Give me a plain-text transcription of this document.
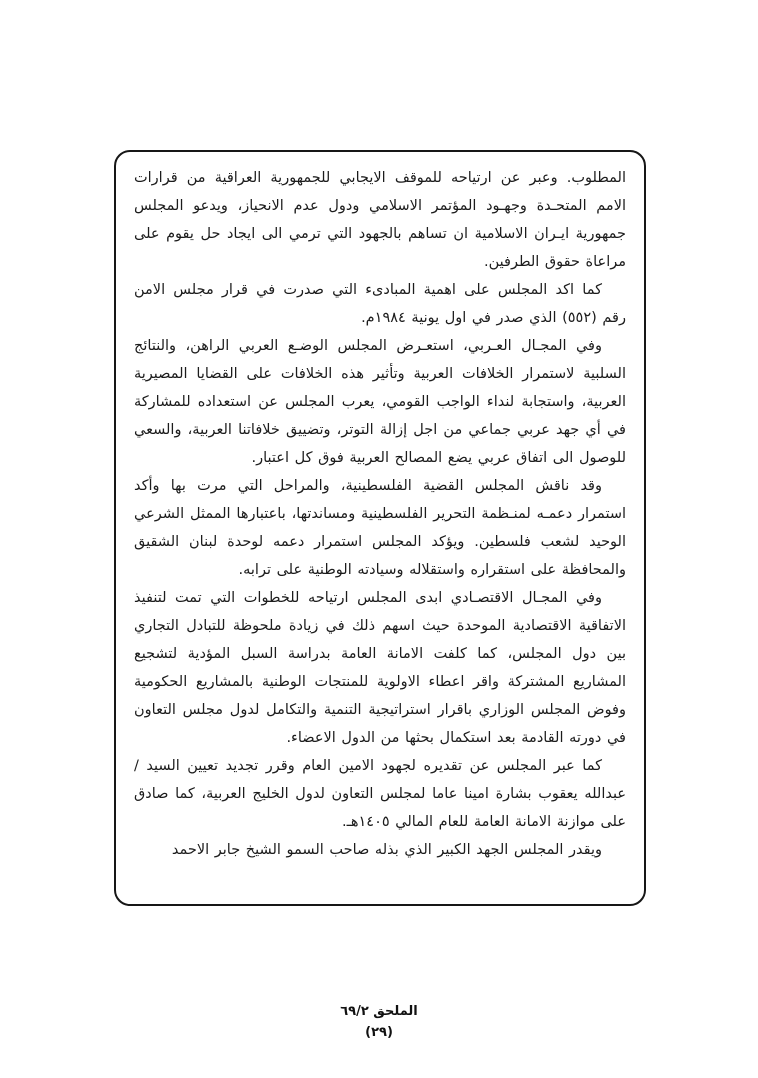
المطلوب. وعبر عن ارتياحه للموقف الايجابي للجمهورية العراقية من قرارات الامم المتحـدة وجهـود المؤتمر الاسلامي ودول عدم الانحياز، ويدعو المجلس جمهورية ايـران الاسلامية ان تساهم بالجهود التي ترمي الى ايجاد حل يقوم على مراعاة حقوق الطرفين.

كما اكد المجلس على اهمية المبادىء التي صدرت في قرار مجلس الامن رقم (٥٥٢) الذي صدر في اول يونية ١٩٨٤م.

وفي المجـال العـربي، استعـرض المجلس الوضـع العربي الراهن، والنتائج السلبية لاستمرار الخلافات العربية وتأثير هذه الخلافات على القضايا المصيرية العربية، واستجابة لنداء الواجب القومي، يعرب المجلس عن استعداده للمشاركة في أي جهد عربي جماعي من اجل إزالة التوتر، وتضييق خلافاتنا العربية، والسعي للوصول الى اتفاق عربي يضع المصالح العربية فوق كل اعتبار.

وقد ناقش المجلس القضية الفلسطينية، والمراحل التي مرت بها وأكد استمرار دعمـه لمنـظمة التحرير الفلسطينية ومساندتها، باعتبارها الممثل الشرعي الوحيد لشعب فلسطين. ويؤكد المجلس استمرار دعمه لوحدة لبنان الشقيق والمحافظة على استقراره واستقلاله وسيادته الوطنية على ترابه.

وفي المجـال الاقتصـادي ابدى المجلس ارتياحه للخطوات التي تمت لتنفيذ الاتفاقية الاقتصادية الموحدة حيث اسهم ذلك في زيادة ملحوظة للتبادل التجاري بين دول المجلس، كما كلفت الامانة العامة بدراسة السبل المؤدية لتشجيع المشاريع المشتركة واقر اعطاء الاولوية للمنتجات الوطنية بالمشاريع الحكومية وفوض المجلس الوزاري باقرار استراتيجية التنمية والتكامل لدول مجلس التعاون في دورته القادمة بعد استكمال بحثها من الدول الاعضاء.

كما عبر المجلس عن تقديره لجهود الامين العام وقرر تجديد تعيين السيد / عبدالله يعقوب بشارة امينا عاما لمجلس التعاون لدول الخليج العربية، كما صادق على موازنة الامانة العامة للعام المالي ١٤٠٥هـ.

ويقدر المجلس الجهد الكبير الذي بذله صاحب السمو الشيخ جابر الاحمد

الملحق ٦٩/٢
(٢٩)
